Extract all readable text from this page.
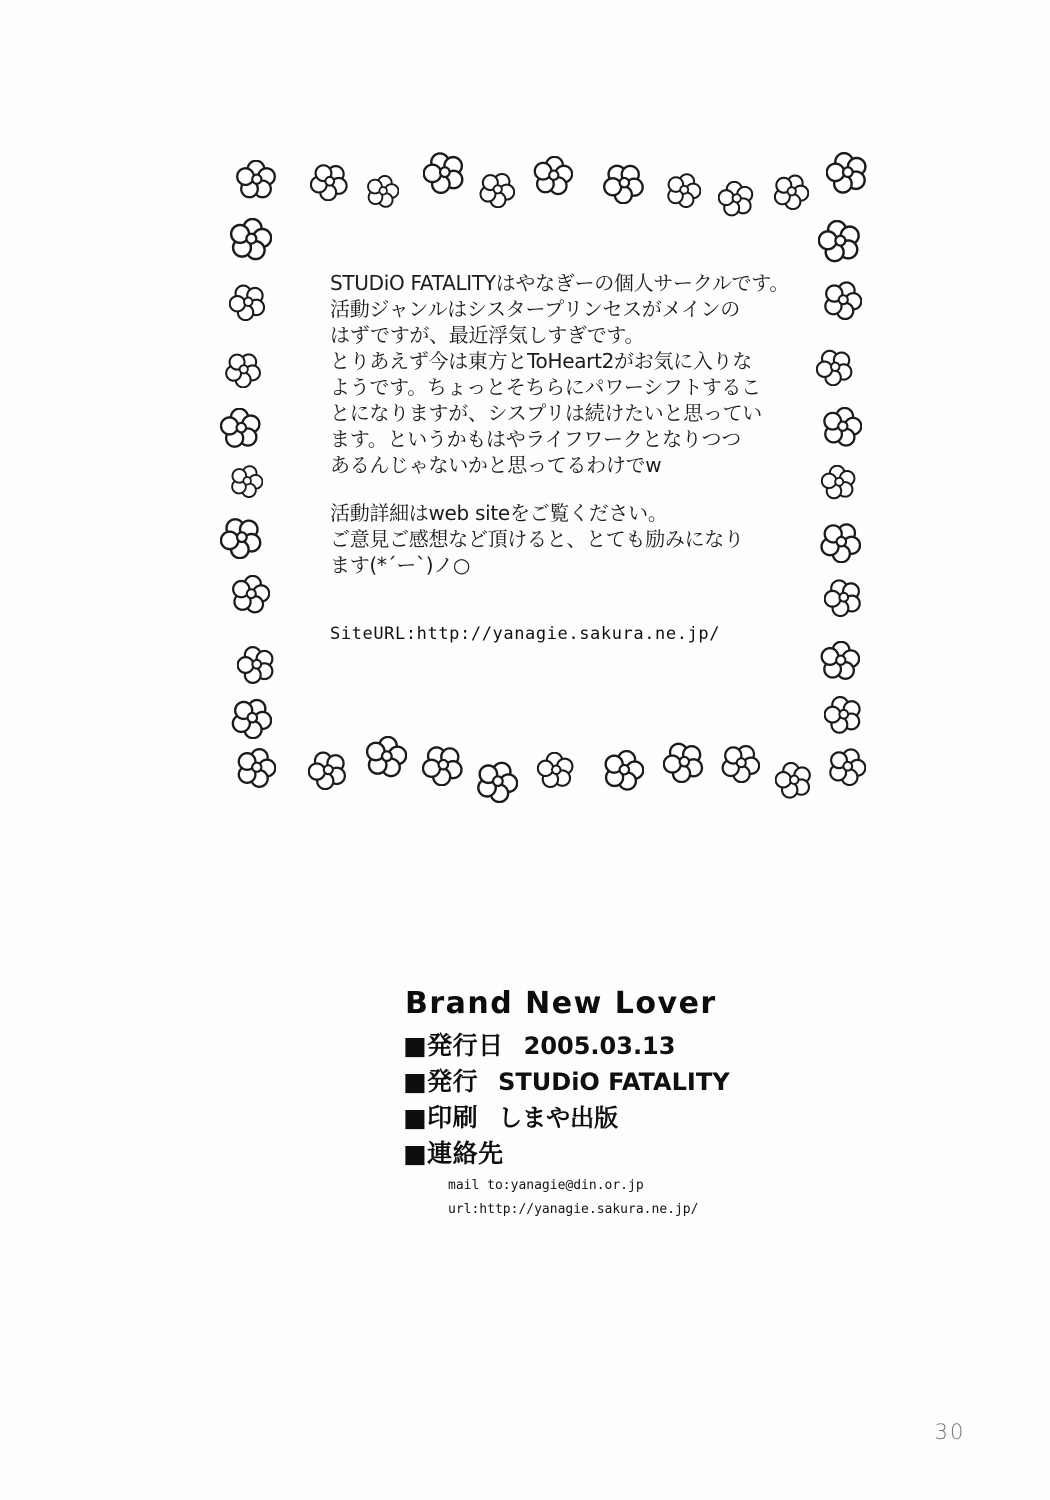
STUDiO FATALITYはやなぎーの個人サークルです。
活動ジャンルはシスタープリンセスがメインの
はずですが、最近浮気しすぎです。
とりあえず今は東方とToHeart2がお気に入りな
ようです。ちょっとそちらにパワーシフトするこ
とになりますが、シスプリは続けたいと思ってい
ます。というかもはやライフワークとなりつつ
あるんじゃないかと思ってるわけでw
活動詳細はweb siteをご覧ください。
ご意見ご感想など頂けると、とても励みになり
ます(*´ー`)ノ○
SiteURL:http://yanagie.sakura.ne.jp/
Brand New Lover
■発行日 2005.03.13
■発行 STUDiO FATALITY
■印刷 しまや出版
■連絡先
mail to:yanagie@din.or.jp
url:http://yanagie.sakura.ne.jp/
30
